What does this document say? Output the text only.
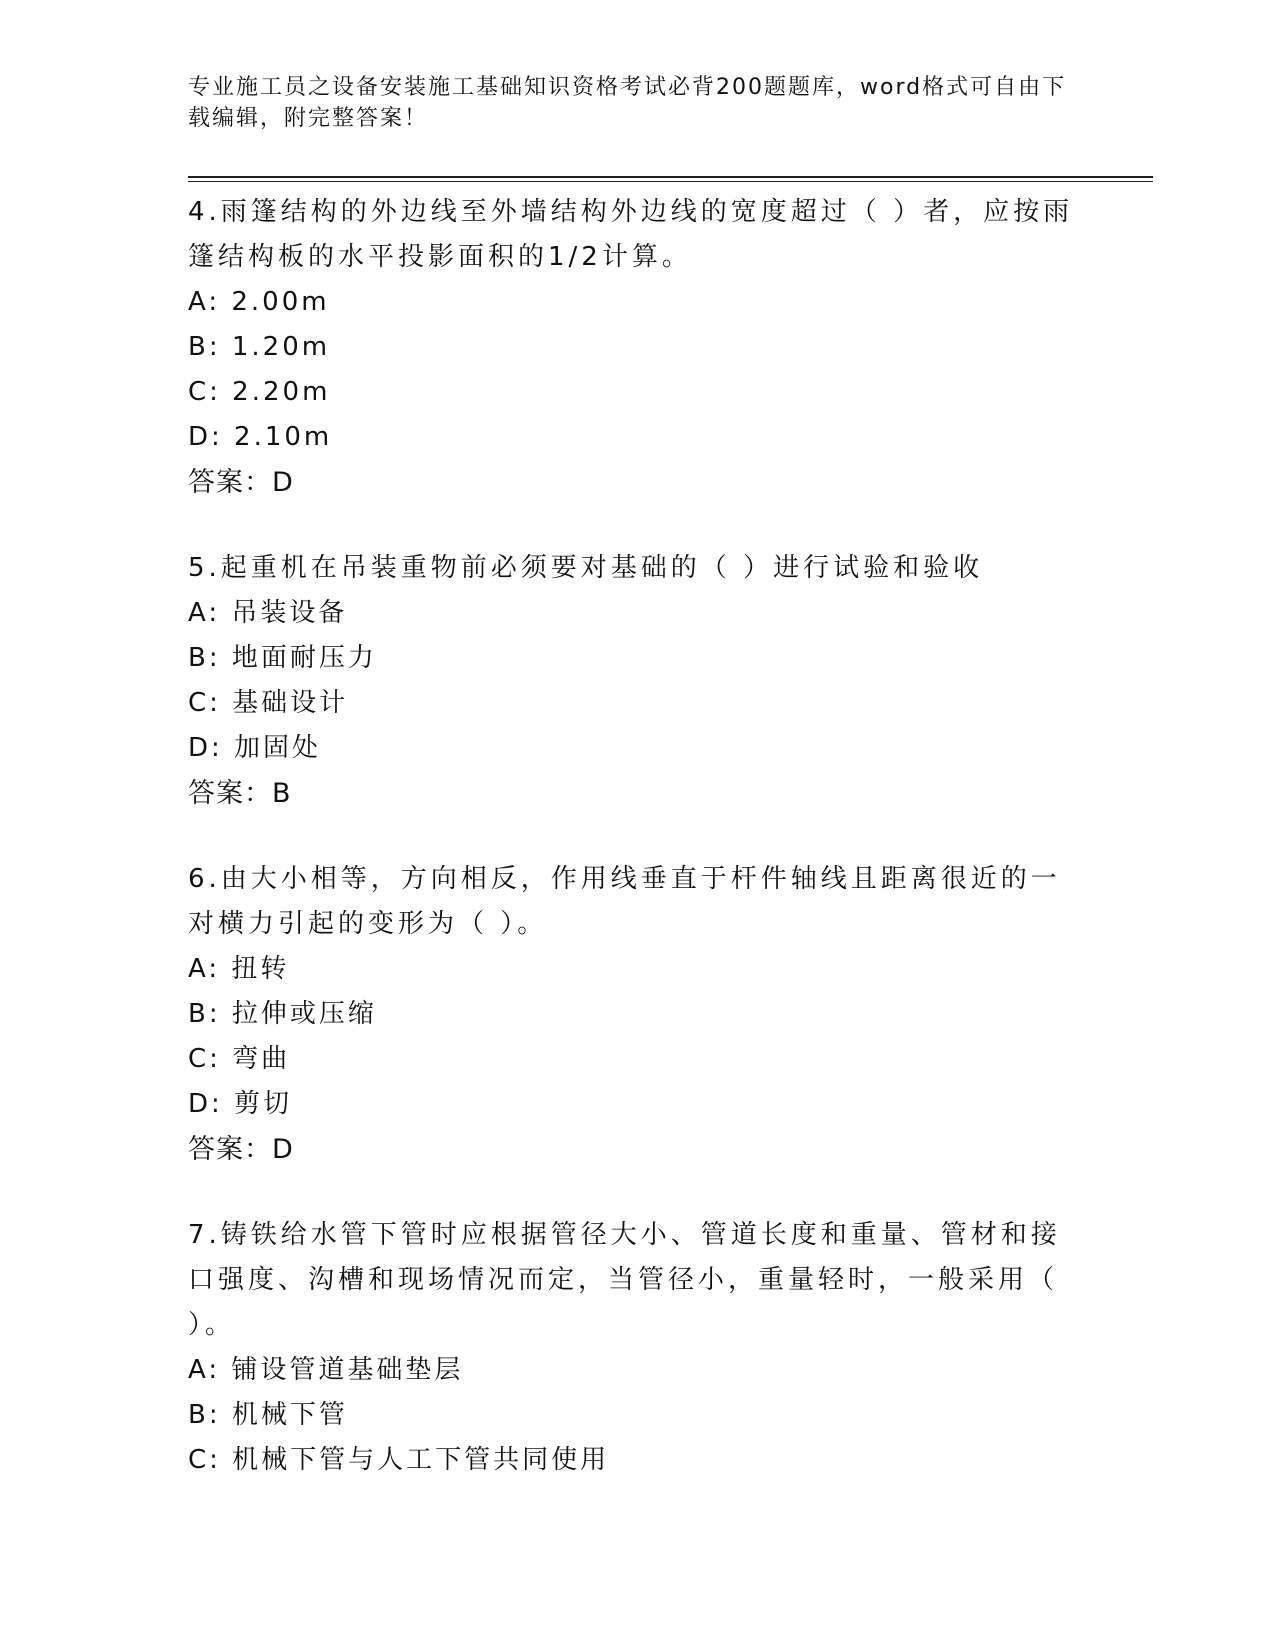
专业施工员之设备安装施工基础知识资格考试必背200题题库，word格式可自由下载编辑，附完整答案！
4.雨篷结构的外边线至外墙结构外边线的宽度超过（ ）者，应按雨篷结构板的水平投影面积的1/2计算。
A: 2.00m
B: 1.20m
C: 2.20m
D: 2.10m
答案：D
5.起重机在吊装重物前必须要对基础的（ ）进行试验和验收
A: 吊装设备
B: 地面耐压力
C: 基础设计
D: 加固处
答案：B
6.由大小相等，方向相反，作用线垂直于杆件轴线且距离很近的一对横力引起的变形为（ ）。
A: 扭转
B: 拉伸或压缩
C: 弯曲
D: 剪切
答案：D
7.铸铁给水管下管时应根据管径大小、管道长度和重量、管材和接口强度、沟槽和现场情况而定，当管径小，重量轻时，一般采用（ ）。
A: 铺设管道基础垫层
B: 机械下管
C: 机械下管与人工下管共同使用
